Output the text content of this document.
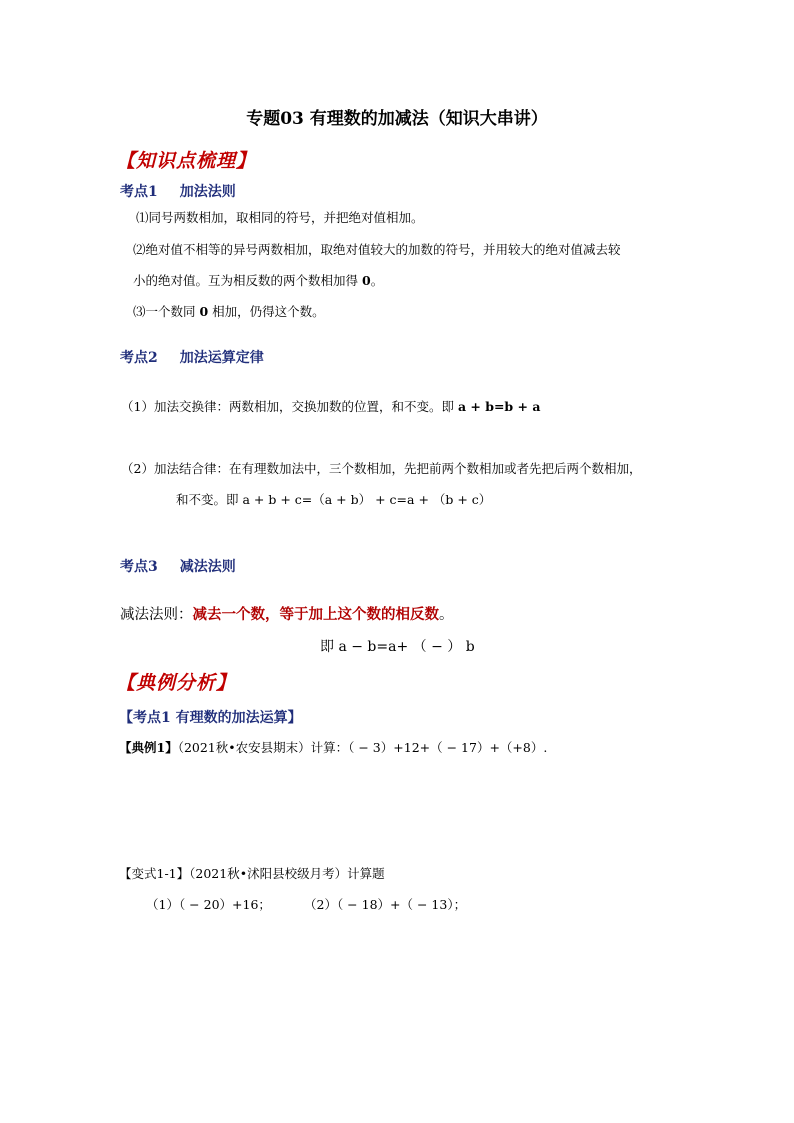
专题03 有理数的加减法（知识大串讲）
【知识点梳理】
考点1 加法法则
⑴同号两数相加，取相同的符号，并把绝对值相加。
⑵绝对值不相等的异号两数相加，取绝对值较大的加数的符号，并用较大的绝对值减去较
小的绝对值。互为相反数的两个数相加得 0。
⑶一个数同 0 相加，仍得这个数。
考点2 加法运算定律
（1）加法交换律：两数相加，交换加数的位置，和不变。即 a + b=b + a
（2）加法结合律：在有理数加法中，三个数相加，先把前两个数相加或者先把后两个数相加，
和不变。即 a + b + c=（a + b） + c=a + （b + c）
考点3 减法法则
减法法则：减去一个数，等于加上这个数的相反数。
即 a − b=a+ （ − ） b
【典例分析】
【考点1 有理数的加法运算】
【典例1】（2021秋•农安县期末）计算：（ − 3）+12+（ − 17）+（+8）.
【变式1-1】（2021秋•沭阳县校级月考）计算题
（1）（ − 20）+16；	（2）（ − 18）+（ − 13）；
